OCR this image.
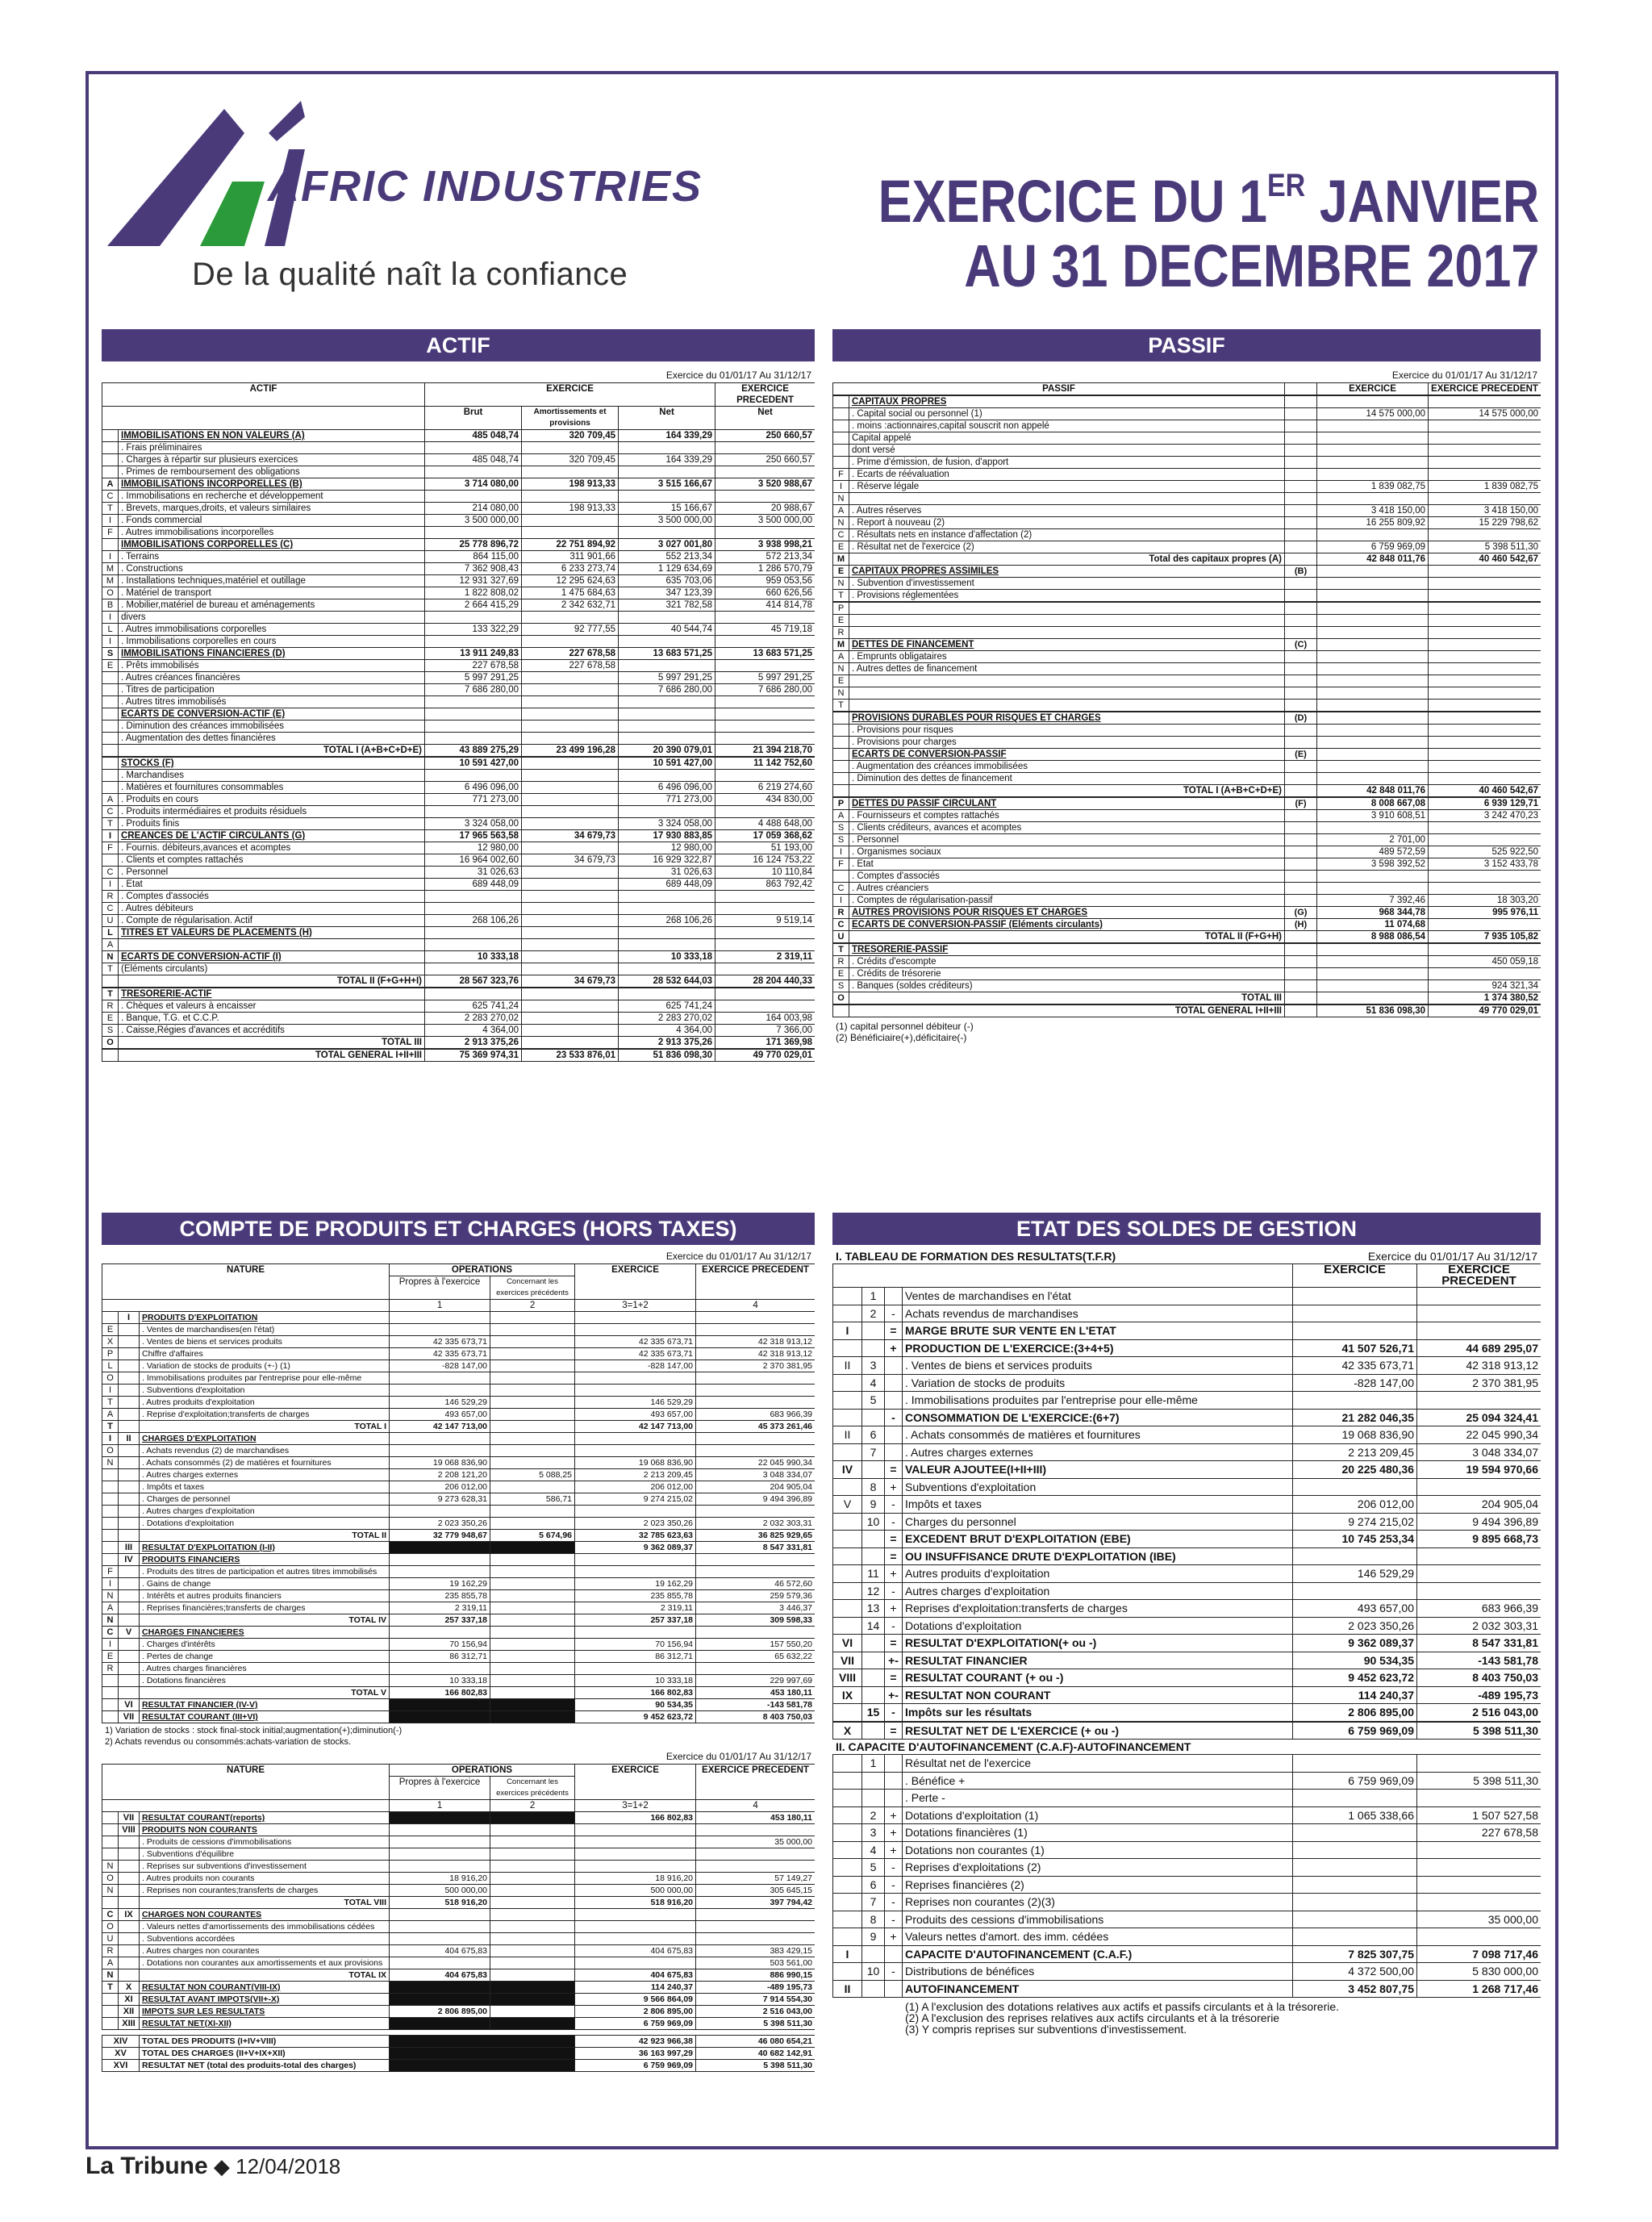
AFRIC INDUSTRIES
De la qualité naît la confiance
EXERCICE DU 1ER JANVIER
AU 31 DECEMBRE 2017
ACTIF
Exercice du 01/01/17 Au 31/12/17
ACTIF		EXERCICE			EXERCICE PRECEDENT
		Brut	Amortissements et provisions	Net	Net
	IMMOBILISATIONS EN NON VALEURS (A)	485 048,74	320 709,45	164 339,29	250 660,57
	. Frais préliminaires				
	. Charges à répartir sur plusieurs exercices	485 048,74	320 709,45	164 339,29	250 660,57
	. Primes de remboursement des obligations				
A	IMMOBILISATIONS INCORPORELLES (B)	3 714 080,00	198 913,33	3 515 166,67	3 520 988,67
C	. Immobilisations en recherche et développement				
T	. Brevets, marques,droits, et valeurs similaires	214 080,00	198 913,33	15 166,67	20 988,67
I	. Fonds commercial	3 500 000,00		3 500 000,00	3 500 000,00
F	. Autres immobilisations incorporelles				
	IMMOBILISATIONS CORPORELLES (C)	25 778 896,72	22 751 894,92	3 027 001,80	3 938 998,21
I	. Terrains	864 115,00	311 901,66	552 213,34	572 213,34
M	. Constructions	7 362 908,43	6 233 273,74	1 129 634,69	1 286 570,79
M	. Installations techniques,matériel et outillage	12 931 327,69	12 295 624,63	635 703,06	959 053,56
O	. Matériel de transport	1 822 808,02	1 475 684,63	347 123,39	660 626,56
B	. Mobilier,matériel de bureau et aménagements	2 664 415,29	2 342 632,71	321 782,58	414 814,78
I	divers				
L	. Autres immobilisations corporelles	133 322,29	92 777,55	40 544,74	45 719,18
I	. Immobilisations corporelles en cours				
S	IMMOBILISATIONS FINANCIERES (D)	13 911 249,83	227 678,58	13 683 571,25	13 683 571,25
E	. Prêts immobilisés	227 678,58	227 678,58		
	. Autres créances financières	5 997 291,25		5 997 291,25	5 997 291,25
	. Titres de participation	7 686 280,00		7 686 280,00	7 686 280,00
	. Autres titres immobilisés				
	ECARTS DE CONVERSION-ACTIF (E)				
	. Diminution des créances immobilisées				
	. Augmentation des dettes financières				
	TOTAL I (A+B+C+D+E)	43 889 275,29	23 499 196,28	20 390 079,01	21 394 218,70

	STOCKS (F)	10 591 427,00		10 591 427,00	11 142 752,60
	. Marchandises				
	. Matières et fournitures consommables	6 496 096,00		6 496 096,00	6 219 274,60
A	. Produits en cours	771 273,00		771 273,00	434 830,00
C	. Produits intermédiaires et produits résiduels				
T	. Produits finis	3 324 058,00		3 324 058,00	4 488 648,00
I	CREANCES DE L'ACTIF CIRCULANTS (G)	17 965 563,58	34 679,73	17 930 883,85	17 059 368,62
F	. Fournis. débiteurs,avances et acomptes	12 980,00		12 980,00	51 193,00
	. Clients et comptes rattachés	16 964 002,60	34 679,73	16 929 322,87	16 124 753,22
C	. Personnel	31 026,63		31 026,63	10 110,84
I	. Etat	689 448,09		689 448,09	863 792,42
R	. Comptes d'associés				
C	. Autres débiteurs				
U	. Compte de régularisation. Actif	268 106,26		268 106,26	9 519,14
L	TITRES ET VALEURS DE PLACEMENTS (H)				
A					
N	ECARTS DE CONVERSION-ACTIF (I)	10 333,18		10 333,18	2 319,11
T	(Eléments circulants)				
	TOTAL II (F+G+H+I)	28 567 323,76	34 679,73	28 532 644,03	28 204 440,33

T	TRESORERIE-ACTIF				
R	. Chèques et valeurs à encaisser	625 741,24		625 741,24	
E	. Banque, T.G. et C.C.P.	2 283 270,02		2 283 270,02	164 003,98
S	. Caisse,Régies d'avances et accréditifs	4 364,00		4 364,00	7 366,00
O	TOTAL III	2 913 375,26		2 913 375,26	171 369,98

	TOTAL GENERAL I+II+III	75 369 974,31	23 533 876,01	51 836 098,30	49 770 029,01
PASSIF
Exercice du 01/01/17 Au 31/12/17
PASSIF			EXERCICE	EXERCICE PRECEDENT

	CAPITAUX PROPRES			
	. Capital social ou personnel (1)		14 575 000,00	14 575 000,00
	. moins :actionnaires,capital souscrit non appelé			
	Capital appelé			
	dont versé			
	. Prime d'émission, de fusion, d'apport			
F	. Ecarts de réévaluation			
I	. Réserve légale		1 839 082,75	1 839 082,75
N				
A	. Autres réserves		3 418 150,00	3 418 150,00
N	. Report à nouveau (2)		16 255 809,92	15 229 798,62
C	. Résultats nets en instance d'affectation (2)			
E	. Résultat net de l'exercice (2)		6 759 969,09	5 398 511,30
M	Total des capitaux propres (A)		42 848 011,76	40 460 542,67
E	CAPITAUX PROPRES ASSIMILES	(B)		
N	. Subvention d'investissement			
T	. Provisions réglementées			

P				
E				
R				
M	DETTES DE FINANCEMENT	(C)		
A	. Emprunts obligataires			
N	. Autres dettes de financement			
E				
N				
T				

	PROVISIONS DURABLES POUR RISQUES ET CHARGES	(D)		
	. Provisions pour risques			
	. Provisions pour charges			
	ECARTS DE CONVERSION-PASSIF	(E)		
	. Augmentation des créances immobilisées			
	. Diminution des dettes de financement			
	TOTAL I (A+B+C+D+E)		42 848 011,76	40 460 542,67

P	DETTES DU PASSIF CIRCULANT	(F)	8 008 667,08	6 939 129,71
A	. Fournisseurs et comptes rattachés		3 910 608,51	3 242 470,23
S	. Clients créditeurs, avances et acomptes			
S	. Personnel		2 701,00	
I	. Organismes sociaux		489 572,59	525 922,50
F	. Etat		3 598 392,52	3 152 433,78
	. Comptes d'associés			
C	. Autres créanciers			
I	. Comptes de régularisation-passif		7 392,46	18 303,20
R	AUTRES PROVISIONS POUR RISQUES ET CHARGES	(G)	968 344,78	995 976,11
C	ECARTS DE CONVERSION-PASSIF (Eléments circulants)	(H)	11 074,68	
U	TOTAL II (F+G+H)		8 988 086,54	7 935 105,82

T	TRESORERIE-PASSIF			
R	. Crédits d'escompte			450 059,18
E	. Crédits de trésorerie			
S	. Banques (soldes créditeurs)			924 321,34
O	TOTAL III			1 374 380,52

	TOTAL GENERAL I+II+III		51 836 098,30	49 770 029,01
(1) capital personnel débiteur (-)
(2) Bénéficiaire(+),déficitaire(-)
COMPTE DE PRODUITS ET CHARGES (HORS TAXES)
Exercice du 01/01/17 Au 31/12/17
NATURE			OPERATIONS		EXERCICE	EXERCICE PRECEDENT
			Propres à l'exercice	Concernant les exercices précédents		
			1	2	3=1+2	4
	I	PRODUITS D'EXPLOITATION				
E		. Ventes de marchandises(en l'état)				
X		. Ventes de biens et services produits	42 335 673,71		42 335 673,71	42 318 913,12
P		Chiffre d'affaires	42 335 673,71		42 335 673,71	42 318 913,12
L		. Variation de stocks de produits (+-) (1)	-828 147,00		-828 147,00	2 370 381,95
O		. Immobilisations produites par l'entreprise pour elle-même				
I		. Subventions d'exploitation				
T		. Autres produits d'exploitation	146 529,29		146 529,29	
A		. Reprise d'exploitation;transferts de charges	493 657,00		493 657,00	683 966,39
T		TOTAL I	42 147 713,00		42 147 713,00	45 373 261,46
I	II	CHARGES D'EXPLOITATION				
O		. Achats revendus (2) de marchandises				
N		. Achats consommés (2) de matières et fournitures	19 068 836,90		19 068 836,90	22 045 990,34
		. Autres charges externes	2 208 121,20	5 088,25	2 213 209,45	3 048 334,07
		. Impôts et taxes	206 012,00		206 012,00	204 905,04
		. Charges de personnel	9 273 628,31	586,71	9 274 215,02	9 494 396,89
		. Autres charges d'exploitation				
		. Dotations d'exploitation	2 023 350,26		2 023 350,26	2 032 303,31
		TOTAL II	32 779 948,67	5 674,96	32 785 623,63	36 825 929,65
	III	RESULTAT D'EXPLOITATION (I-II)			9 362 089,37	8 547 331,81
	IV	PRODUITS FINANCIERS				
F		. Produits des titres de participation et autres titres immobilisés				
I		. Gains de change	19 162,29		19 162,29	46 572,60
N		. Intérêts et autres produits financiers	235 855,78		235 855,78	259 579,36
A		. Reprises financières;transferts de charges	2 319,11		2 319,11	3 446,37
N		TOTAL IV	257 337,18		257 337,18	309 598,33
C	V	CHARGES FINANCIERES				
I		. Charges d'intérêts	70 156,94		70 156,94	157 550,20
E		. Pertes de change	86 312,71		86 312,71	65 632,22
R		. Autres charges financières				
		. Dotations financières	10 333,18		10 333,18	229 997,69
		TOTAL V	166 802,83		166 802,83	453 180,11
	VI	RESULTAT FINANCIER (IV-V)			90 534,35	-143 581,78
	VII	RESULTAT COURANT (III+VI)			9 452 623,72	8 403 750,03
1) Variation de stocks : stock final-stock initial;augmentation(+);diminution(-)
2) Achats revendus ou consommés:achats-variation de stocks.
Exercice du 01/01/17 Au 31/12/17
NATURE			OPERATIONS		EXERCICE	EXERCICE PRECEDENT
			Propres à l'exercice	Concernant les exercices précédents		
			1	2	3=1+2	4
	VII	RESULTAT COURANT(reports)			166 802,83	453 180,11
	VIII	PRODUITS NON COURANTS				
		. Produits de cessions d'immobilisations				35 000,00
		. Subventions d'équilibre				
N		. Reprises sur subventions d'investissement				
O		. Autres produits non courants	18 916,20		18 916,20	57 149,27
N		. Reprises non courantes;transferts de charges	500 000,00		500 000,00	305 645,15
		TOTAL VIII	518 916,20		518 916,20	397 794,42
C	IX	CHARGES NON COURANTES				
O		. Valeurs nettes d'amortissements des immobilisations cédées				
U		. Subventions accordées				
R		. Autres charges non courantes	404 675,83		404 675,83	383 429,15
A		. Dotations non courantes aux amortissements et aux provisions				503 561,00
N		TOTAL IX	404 675,83		404 675,83	886 990,15
T	X	RESULTAT NON COURANT(VIII-IX)			114 240,37	-489 195,73
	XI	RESULTAT AVANT IMPOTS(VII+-X)			9 566 864,09	7 914 554,30
	XII	IMPOTS SUR LES RESULTATS	2 806 895,00		2 806 895,00	2 516 043,00
	XIII	RESULTAT NET(XI-XII)			6 759 969,09	5 398 511,30
XIV	TOTAL DES PRODUITS (I+IV+VIII)		42 923 966,38	46 080 654,21
XV	TOTAL DES CHARGES (II+V+IX+XII)		36 163 997,29	40 682 142,91
XVI	RESULTAT NET (total des produits-total des charges)		6 759 969,09	5 398 511,30
ETAT DES SOLDES DE GESTION
I. TABLEAU DE FORMATION DES RESULTATS(T.F.R)	Exercice du 01/01/17 Au 31/12/17
				EXERCICE	EXERCICE PRECEDENT
	1		Ventes de marchandises en l'état		
	2	-	Achats revendus de marchandises		
I		=	MARGE BRUTE SUR VENTE EN L'ETAT		
		+	PRODUCTION DE L'EXERCICE:(3+4+5)	41 507 526,71	44 689 295,07
II	3		. Ventes de biens et services produits	42 335 673,71	42 318 913,12
	4		. Variation de stocks de produits	-828 147,00	2 370 381,95
	5		. Immobilisations produites par l'entreprise pour elle-même		
		-	CONSOMMATION DE L'EXERCICE:(6+7)	21 282 046,35	25 094 324,41
II	6		. Achats consommés de matières et fournitures	19 068 836,90	22 045 990,34
	7		. Autres charges externes	2 213 209,45	3 048 334,07
IV		=	VALEUR AJOUTEE(I+II+III)	20 225 480,36	19 594 970,66
	8	+	Subventions d'exploitation		
V	9	-	Impôts et taxes	206 012,00	204 905,04
	10	-	Charges du personnel	9 274 215,02	9 494 396,89
		=	EXCEDENT BRUT D'EXPLOITATION (EBE)	10 745 253,34	9 895 668,73
		=	OU INSUFFISANCE DRUTE D'EXPLOITATION (IBE)		
	11	+	Autres produits d'exploitation	146 529,29	
	12	-	Autres charges d'exploitation		
	13	+	Reprises d'exploitation:transferts de charges	493 657,00	683 966,39
	14	-	Dotations d'exploitation	2 023 350,26	2 032 303,31
VI		=	RESULTAT D'EXPLOITATION(+ ou -)	9 362 089,37	8 547 331,81
VII		+-	RESULTAT FINANCIER	90 534,35	-143 581,78
VIII		=	RESULTAT COURANT (+ ou -)	9 452 623,72	8 403 750,03
IX		+-	RESULTAT NON COURANT	114 240,37	-489 195,73
	15	-	Impôts sur les résultats	2 806 895,00	2 516 043,00

X		=	RESULTAT NET DE L'EXERCICE (+ ou -)	6 759 969,09	5 398 511,30
II. CAPACITE D'AUTOFINANCEMENT (C.A.F)-AUTOFINANCEMENT
	1		Résultat net de l'exercice		
			. Bénéfice +	6 759 969,09	5 398 511,30
			. Perte -		
	2	+	Dotations d'exploitation (1)	1 065 338,66	1 507 527,58
	3	+	Dotations financières (1)		227 678,58
	4	+	Dotations non courantes (1)		
	5	-	Reprises d'exploitations (2)		
	6	-	Reprises financières (2)		
	7	-	Reprises non courantes (2)(3)		
	8	-	Produits des cessions d'immobilisations		35 000,00
	9	+	Valeurs nettes d'amort. des imm. cédées		
I			CAPACITE D'AUTOFINANCEMENT (C.A.F.)	7 825 307,75	7 098 717,46
	10	-	Distributions de bénéfices	4 372 500,00	5 830 000,00
II			AUTOFINANCEMENT	3 452 807,75	1 268 717,46
(1) A l'exclusion des dotations relatives aux actifs et passifs circulants et à la trésorerie.
(2) A l'exclusion des reprises relatives aux actifs circulants et à la trésorerie
(3) Y compris reprises sur subventions d'investissement.
La Tribune ◆ 12/04/2018
